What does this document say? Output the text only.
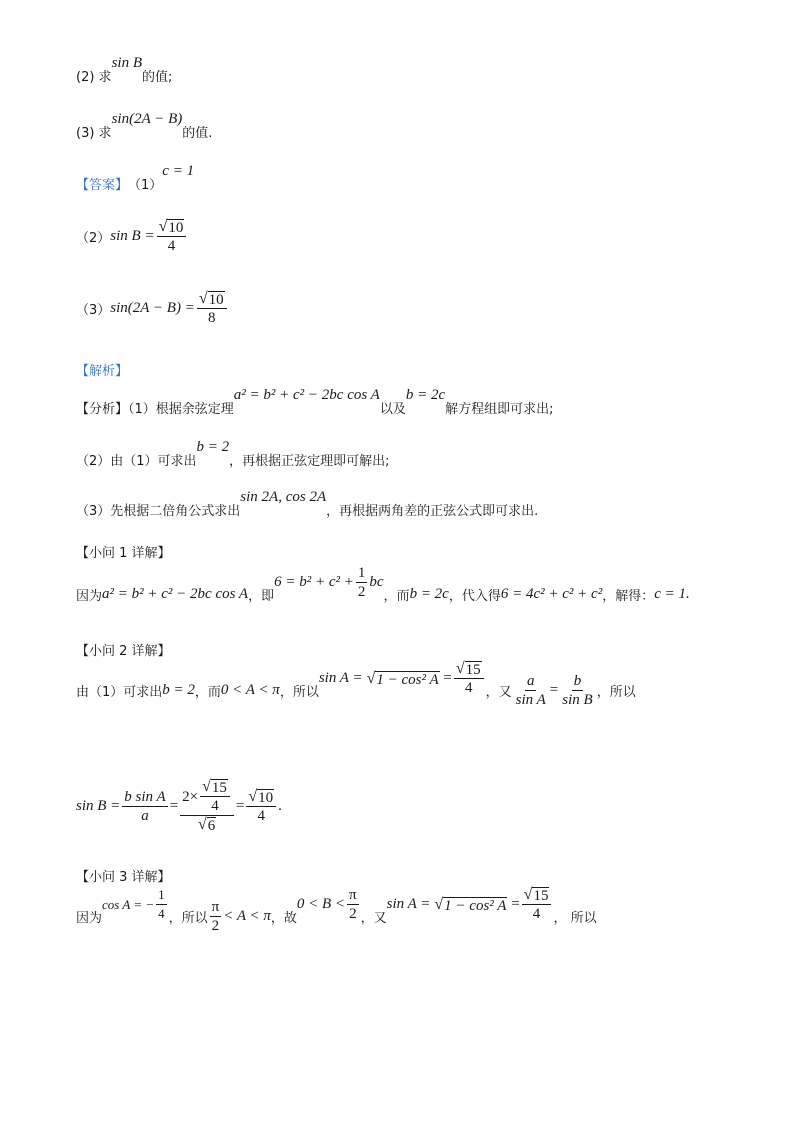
(2) 求
sin B
的值;
(3) 求
sin(2A − B)
的值.
【答案】 （1）
c = 1
（2） $\sin B = \frac{√ 10}{4}$
（3） $\sin(2A - B) = \frac{√ 10}{8}$
【解析】
【分析】（1）根据余弦定理
a² = b² + c² − 2bc cos A
以及
b = 2c
解方程组即可求出;
（2）由（1）可求出
b = 2
，再根据正弦定理即可解出;
（3）先根据二倍角公式求出
sin 2A, cos 2A
，再根据两角差的正弦公式即可求出.
【小问 1 详解】
因为 a² = b² + c² − 2bc cos A ，即
$6 = b^2 + c^2 + \frac{1}{2}$ bc
，而 b = 2c ，代入得 6 = 4c² + c² + c² ，解得： c = 1.
【小问 2 详解】
由（1）可求出 b = 2 ，而 0 < A < π ，所以
sin A = √ 1 − cos² $A = \frac{√ 15}{4}$ ，又 $\frac{a}{\text{sin A}} = \frac{b}{\text{sin B}}$ ，所以
$\sin B = \frac{\text{b sin A}}{a} = \frac{2\times \frac{√ 15}{4}}{√ 6} = \frac{√ 10}{4}$ .
【小问 3 详解】
因为
cos A = − $\frac{1}{4}$ ，所以 $\frac{\pi}{2} < A < \pi$ ，故
$0 < B < \frac{\pi}{2}$ ，又
sin A = √ 1 − cos² $A = \frac{√ 15}{4}$ ， 所以
